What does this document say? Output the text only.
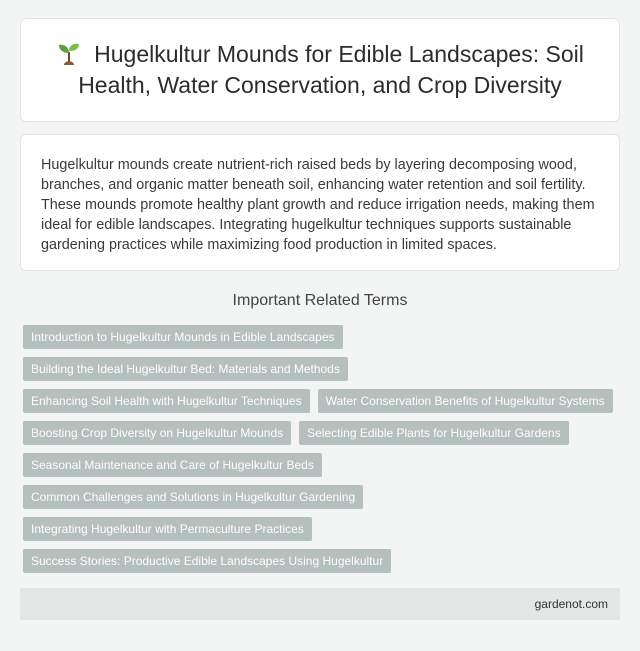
Hugelkultur Mounds for Edible Landscapes: Soil Health, Water Conservation, and Crop Diversity

Hugelkultur mounds create nutrient-rich raised beds by layering decomposing wood, branches, and organic matter beneath soil, enhancing water retention and soil fertility. These mounds promote healthy plant growth and reduce irrigation needs, making them ideal for edible landscapes. Integrating hugelkultur techniques supports sustainable gardening practices while maximizing food production in limited spaces.

Important Related Terms
Introduction to Hugelkultur Mounds in Edible Landscapes
Building the Ideal Hugelkultur Bed: Materials and Methods
Enhancing Soil Health with Hugelkultur Techniques	Water Conservation Benefits of Hugelkultur Systems
Boosting Crop Diversity on Hugelkultur Mounds	Selecting Edible Plants for Hugelkultur Gardens
Seasonal Maintenance and Care of Hugelkultur Beds
Common Challenges and Solutions in Hugelkultur Gardening
Integrating Hugelkultur with Permaculture Practices
Success Stories: Productive Edible Landscapes Using Hugelkultur
gardenot.com
